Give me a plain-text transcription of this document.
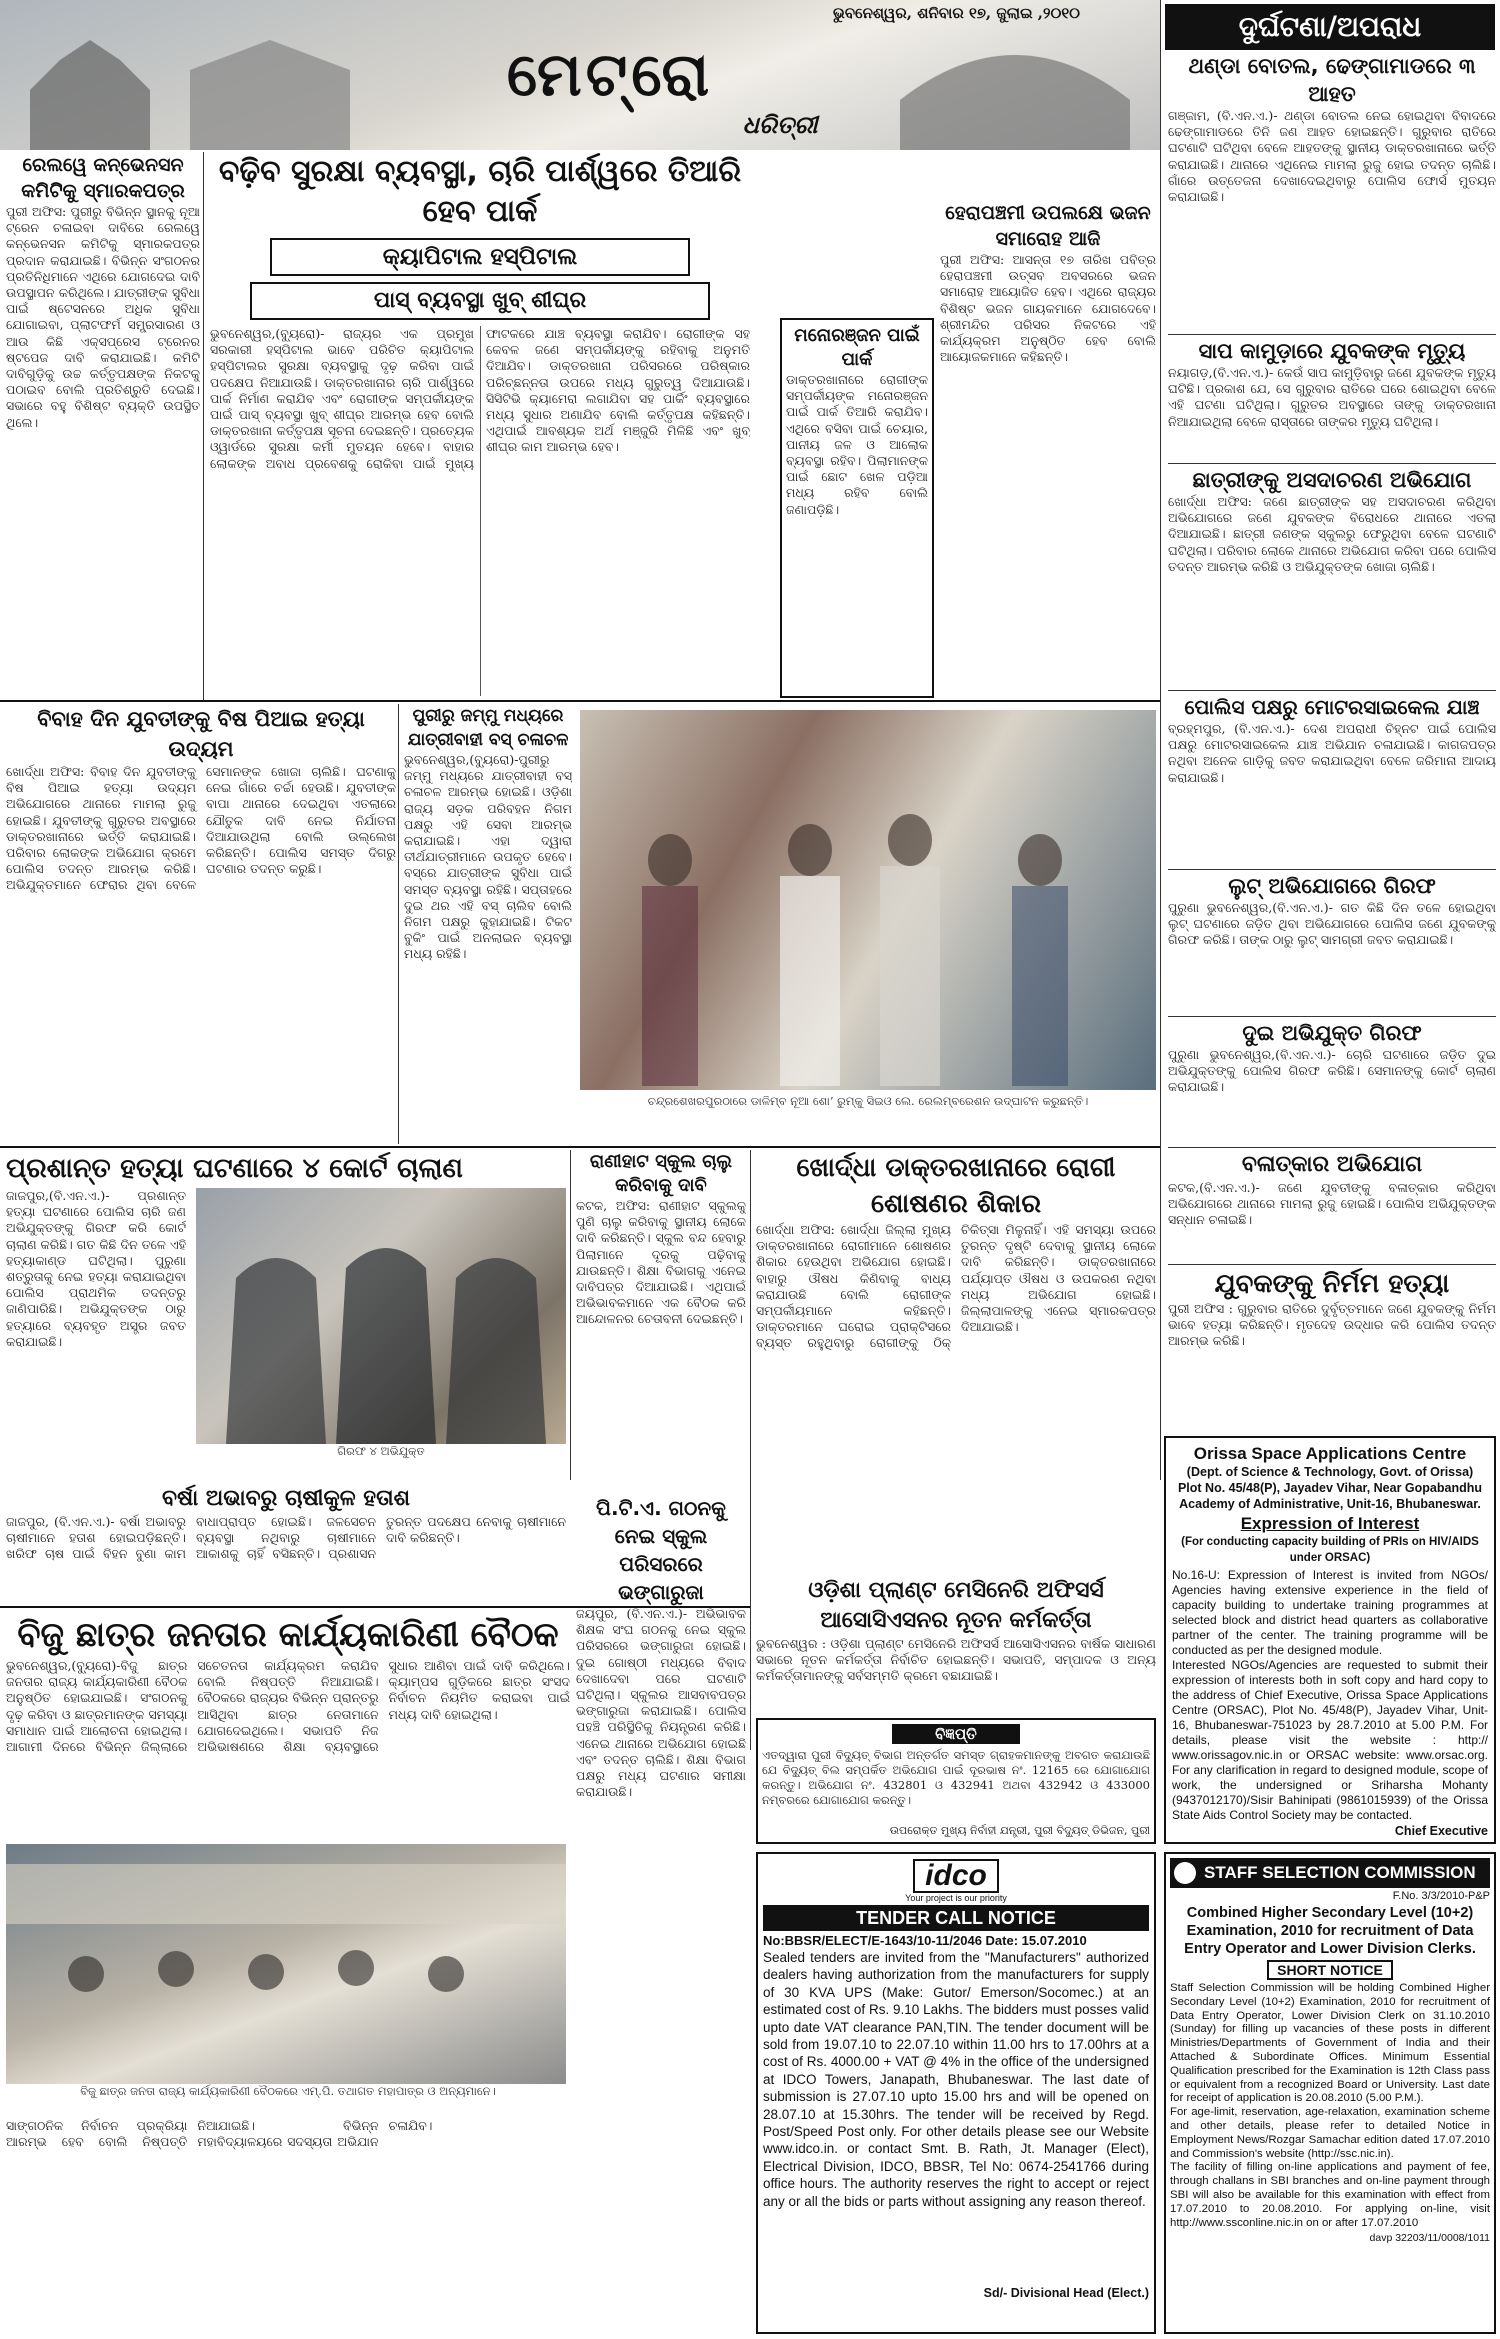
ଭୁବନେଶ୍ୱର, ଶନିବାର ୧୭, ଜୁଲାଇ ,୨୦୧୦
ମେଟ୍ରୋ
ଧରିତ୍ରୀ
ଦୁର୍ଘଟଣା/ଅପରାଧ
ଥଣ୍ଡା ବୋତଲ, ଢେଙ୍ଗାମାଡରେ ୩ ଆହତ
ଗଞ୍ଜାମ, (ବି.ଏନ.ଏ.)- ଥଣ୍ଡା ବୋତଲ ନେଇ ହୋଇଥିବା ବିବାଦରେ ଢେଙ୍ଗାମାଡରେ ତିନି ଜଣ ଆହତ ହୋଇଛନ୍ତି। ଗୁରୁବାର ରାତିରେ ଘଟଣାଟି ଘଟିଥିବା ବେଳେ ଆହତଙ୍କୁ ସ୍ଥାନୀୟ ଡାକ୍ତରଖାନାରେ ଭର୍ତ୍ତି କରାଯାଇଛି। ଥାନାରେ ଏଥିନେଇ ମାମଲା ରୁଜୁ ହୋଇ ତଦନ୍ତ ଚାଲିଛି। ଗାଁରେ ଉତ୍ତେଜନା ଦେଖାଦେଇଥିବାରୁ ପୋଲିସ ଫୋର୍ସ ମୁତୟନ କରାଯାଇଛି।
ସାପ କାମୁଡ଼ାରେ ଯୁବକଙ୍କ ମୃତ୍ୟୁ
ନୟାଗଡ଼,(ବି.ଏନ.ଏ.)- କେଉଁ ସାପ କାମୁଡ଼ିବାରୁ ଜଣେ ଯୁବକଙ୍କ ମୃତ୍ୟୁ ଘଟିଛି। ପ୍ରକାଶ ଯେ, ସେ ଗୁରୁବାର ରାତିରେ ଘରେ ଶୋଇଥିବା ବେଳେ ଏହି ଘଟଣା ଘଟିଥିଲା। ଗୁରୁତର ଅବସ୍ଥାରେ ତାଙ୍କୁ ଡାକ୍ତରଖାନା ନିଆଯାଇଥିଲା ବେଳେ ରାସ୍ତାରେ ତାଙ୍କର ମୃତ୍ୟୁ ଘଟିଥିଲା।
ଛାତ୍ରୀଙ୍କୁ ଅସଦାଚରଣ ଅଭିଯୋଗ
ଖୋର୍ଦ୍ଧା ଅଫିସ: ଜଣେ ଛାତ୍ରୀଙ୍କ ସହ ଅସଦାଚରଣ କରିଥିବା ଅଭିଯୋଗରେ ଜଣେ ଯୁବକଙ୍କ ବିରୋଧରେ ଥାନାରେ ଏତଲା ଦିଆଯାଇଛି। ଛାତ୍ରୀ ଜଣଙ୍କ ସ୍କୁଲରୁ ଫେରୁଥିବା ବେଳେ ଘଟଣାଟି ଘଟିଥିଲା। ପରିବାର ଲୋକେ ଥାନାରେ ଅଭିଯୋଗ କରିବା ପରେ ପୋଲିସ ତଦନ୍ତ ଆରମ୍ଭ କରିଛି ଓ ଅଭିଯୁକ୍ତଙ୍କ ଖୋଜା ଚାଲିଛି।
ପୋଲିସ ପକ୍ଷରୁ ମୋଟରସାଇକେଲ ଯାଞ୍ଚ
ବ୍ରହ୍ମପୁର, (ବି.ଏନ.ଏ.)- ଦେଶ ଅପରାଧୀ ଚିହ୍ନଟ ପାଇଁ ପୋଲିସ ପକ୍ଷରୁ ମୋଟରସାଇକେଲ ଯାଞ୍ଚ ଅଭିଯାନ ଚଳାଯାଇଛି। କାଗଜପତ୍ର ନଥିବା ଅନେକ ଗାଡ଼ିକୁ ଜବତ କରାଯାଇଥିବା ବେଳେ ଜରିମାନା ଆଦାୟ କରାଯାଇଛି।
ଲୁଟ୍ ଅଭିଯୋଗରେ ଗିରଫ
ପୁରୁଣା ଭୁବନେଶ୍ୱର,(ବି.ଏନ.ଏ.)- ଗତ କିଛି ଦିନ ତଳେ ହୋଇଥିବା ଲୁଟ୍ ଘଟଣାରେ ଜଡ଼ିତ ଥିବା ଅଭିଯୋଗରେ ପୋଲିସ ଜଣେ ଯୁବକଙ୍କୁ ଗିରଫ କରିଛି। ତାଙ୍କ ଠାରୁ ଲୁଟ୍ ସାମଗ୍ରୀ ଜବତ କରାଯାଇଛି।
ଦୁଇ ଅଭିଯୁକ୍ତ ଗିରଫ
ପୁରୁଣା ଭୁବନେଶ୍ୱର,(ବି.ଏନ.ଏ.)- ଚୋରି ଘଟଣାରେ ଜଡ଼ିତ ଦୁଇ ଅଭିଯୁକ୍ତଙ୍କୁ ପୋଲିସ ଗିରଫ କରିଛି। ସେମାନଙ୍କୁ କୋର୍ଟ ଚାଲାଣ କରାଯାଇଛି।
ବଳାତ୍କାର ଅଭିଯୋଗ
କଟକ,(ବି.ଏନ.ଏ.)- ଜଣେ ଯୁବତୀଙ୍କୁ ବଳାତ୍କାର କରିଥିବା ଅଭିଯୋଗରେ ଥାନାରେ ମାମଲା ରୁଜୁ ହୋଇଛି। ପୋଲିସ ଅଭିଯୁକ୍ତଙ୍କ ସନ୍ଧାନ ଚଳାଇଛି।
ଯୁବକଙ୍କୁ ନିର୍ମମ ହତ୍ୟା
ପୁରୀ ଅଫିସ : ଗୁରୁବାର ରାତିରେ ଦୁର୍ବୃତ୍ତମାନେ ଜଣେ ଯୁବକଙ୍କୁ ନିର୍ମମ ଭାବେ ହତ୍ୟା କରିଛନ୍ତି। ମୃତଦେହ ଉଦ୍ଧାର କରି ପୋଲିସ ତଦନ୍ତ ଆରମ୍ଭ କରିଛି।
ରେଲୱେ କନ୍‌ଭେନସନ କମିଟିକୁ ସ୍ମାରକପତ୍ର
ପୁରୀ ଅଫିସ: ପୁରୀରୁ ବିଭିନ୍ନ ସ୍ଥାନକୁ ନୂଆ ଟ୍ରେନ ଚଳାଇବା ଦାବିରେ ରେଲୱେ କନ୍‌ଭେନସନ କମିଟିକୁ ସ୍ମାରକପତ୍ର ପ୍ରଦାନ କରାଯାଇଛି। ବିଭିନ୍ନ ସଂଗଠନର ପ୍ରତିନିଧିମାନେ ଏଥିରେ ଯୋଗଦେଇ ଦାବି ଉପସ୍ଥାପନ କରିଥିଲେ। ଯାତ୍ରୀଙ୍କ ସୁବିଧା ପାଇଁ ଷ୍ଟେସନରେ ଅଧିକ ସୁବିଧା ଯୋଗାଇବା, ପ୍ଲାଟଫର୍ମ ସମ୍ପ୍ରସାରଣ ଓ ଆଉ କିଛି ଏକ୍ସପ୍ରେସ ଟ୍ରେନର ଷ୍ଟପେଜ ଦାବି କରାଯାଇଛି। କମିଟି ଦାବିଗୁଡ଼ିକୁ ଉଚ୍ଚ କର୍ତ୍ତୃପକ୍ଷଙ୍କ ନିକଟକୁ ପଠାଇବ ବୋଲି ପ୍ରତିଶ୍ରୁତି ଦେଇଛି। ସଭାରେ ବହୁ ବିଶିଷ୍ଟ ବ୍ୟକ୍ତି ଉପସ୍ଥିତ ଥିଲେ।
ବଢ଼ିବ ସୁରକ୍ଷା ବ୍ୟବସ୍ଥା, ଚାରି ପାର୍ଶ୍ୱରେ ତିଆରି ହେବ ପାର୍କ
କ୍ୟାପିଟାଲ ହସ୍ପିଟାଲ
ପାସ୍ ବ୍ୟବସ୍ଥା ଖୁବ୍ ଶୀଘ୍ର
ଭୁବନେଶ୍ୱର,(ବ୍ୟୁରୋ)- ରାଜ୍ୟର ଏକ ପ୍ରମୁଖ ସରକାରୀ ହସ୍ପିଟାଲ ଭାବେ ପରିଚିତ କ୍ୟାପିଟାଲ ହସ୍ପିଟାଲର ସୁରକ୍ଷା ବ୍ୟବସ୍ଥାକୁ ଦୃଢ଼ କରିବା ପାଇଁ ପଦକ୍ଷେପ ନିଆଯାଉଛି। ଡାକ୍ତରଖାନାର ଚାରି ପାର୍ଶ୍ୱରେ ପାର୍କ ନିର୍ମାଣ କରାଯିବ ଏବଂ ରୋଗୀଙ୍କ ସମ୍ପର୍କୀୟଙ୍କ ପାଇଁ ପାସ୍ ବ୍ୟବସ୍ଥା ଖୁବ୍ ଶୀଘ୍ର ଆରମ୍ଭ ହେବ ବୋଲି ଡାକ୍ତରଖାନା କର୍ତ୍ତୃପକ୍ଷ ସୂଚନା ଦେଇଛନ୍ତି। ପ୍ରତ୍ୟେକ ଓ୍ୱାର୍ଡରେ ସୁରକ୍ଷା କର୍ମୀ ମୁତୟନ ହେବେ। ବାହାର ଲୋକଙ୍କ ଅବାଧ ପ୍ରବେଶକୁ ରୋକିବା ପାଇଁ ମୁଖ୍ୟ ଫାଟକରେ ଯାଞ୍ଚ ବ୍ୟବସ୍ଥା କରାଯିବ। ରୋଗୀଙ୍କ ସହ କେବଳ ଜଣେ ସମ୍ପର୍କୀୟଙ୍କୁ ରହିବାକୁ ଅନୁମତି ଦିଆଯିବ। ଡାକ୍ତରଖାନା ପରିସରରେ ପରିଷ୍କାର ପରିଚ୍ଛନ୍ନତା ଉପରେ ମଧ୍ୟ ଗୁରୁତ୍ୱ ଦିଆଯାଉଛି। ସିସିଟିଭି କ୍ୟାମେରା ଲଗାଯିବା ସହ ପାର୍କିଂ ବ୍ୟବସ୍ଥାରେ ମଧ୍ୟ ସୁଧାର ଅଣାଯିବ ବୋଲି କର୍ତ୍ତୃପକ୍ଷ କହିଛନ୍ତି। ଏଥିପାଇଁ ଆବଶ୍ୟକ ଅର୍ଥ ମଞ୍ଜୁରି ମିଳିଛି ଏବଂ ଖୁବ୍ ଶୀଘ୍ର କାମ ଆରମ୍ଭ ହେବ।
ମନୋରଞ୍ଜନ ପାଇଁ ପାର୍କ
ଡାକ୍ତରଖାନାରେ ରୋଗୀଙ୍କ ସମ୍ପର୍କୀୟଙ୍କ ମନୋରଞ୍ଜନ ପାଇଁ ପାର୍କ ତିଆରି କରାଯିବ। ଏଥିରେ ବସିବା ପାଇଁ ଚେୟାର, ପାନୀୟ ଜଳ ଓ ଆଲୋକ ବ୍ୟବସ୍ଥା ରହିବ। ପିଲାମାନଙ୍କ ପାଇଁ ଛୋଟ ଖେଳ ପଡ଼ିଆ ମଧ୍ୟ ରହିବ ବୋଲି ଜଣାପଡ଼ିଛି।
ହେରାପଞ୍ଚମୀ ଉପଲକ୍ଷେ ଭଜନ ସମାରୋହ ଆଜି
ପୁରୀ ଅଫିସ: ଆସନ୍ତା ୧୭ ତାରିଖ ପବିତ୍ର ହେରାପଞ୍ଚମୀ ଉତ୍ସବ ଅବସରରେ ଭଜନ ସମାରୋହ ଆୟୋଜିତ ହେବ। ଏଥିରେ ରାଜ୍ୟର ବିଶିଷ୍ଟ ଭଜନ ଗାୟକମାନେ ଯୋଗଦେବେ। ଶ୍ରୀମନ୍ଦିର ପରିସର ନିକଟରେ ଏହି କାର୍ଯ୍ୟକ୍ରମ ଅନୁଷ୍ଠିତ ହେବ ବୋଲି ଆୟୋଜକମାନେ କହିଛନ୍ତି।
ବିବାହ ଦିନ ଯୁବତୀଙ୍କୁ ବିଷ ପିଆଇ ହତ୍ୟା ଉଦ୍ୟମ
ଖୋର୍ଦ୍ଧା ଅଫିସ: ବିବାହ ଦିନ ଯୁବତୀଙ୍କୁ ବିଷ ପିଆଇ ହତ୍ୟା ଉଦ୍ୟମ ଅଭିଯୋଗରେ ଥାନାରେ ମାମଲା ରୁଜୁ ହୋଇଛି। ଯୁବତୀଙ୍କୁ ଗୁରୁତର ଅବସ୍ଥାରେ ଡାକ୍ତରଖାନାରେ ଭର୍ତ୍ତି କରାଯାଇଛି। ପରିବାର ଲୋକଙ୍କ ଅଭିଯୋଗ କ୍ରମେ ପୋଲିସ ତଦନ୍ତ ଆରମ୍ଭ କରିଛି। ଅଭିଯୁକ୍ତମାନେ ଫେରାର ଥିବା ବେଳେ ସେମାନଙ୍କ ଖୋଜା ଚାଲିଛି। ଘଟଣାକୁ ନେଇ ଗାଁରେ ଚର୍ଚ୍ଚା ହେଉଛି। ଯୁବତୀଙ୍କ ବାପା ଥାନାରେ ଦେଇଥିବା ଏତଲାରେ ଯୌତୁକ ଦାବି ନେଇ ନିର୍ଯାତନା ଦିଆଯାଉଥିଲା ବୋଲି ଉଲ୍ଲେଖ କରିଛନ୍ତି। ପୋଲିସ ସମସ୍ତ ଦିଗରୁ ଘଟଣାର ତଦନ୍ତ କରୁଛି।
ପୁରୀରୁ ଜମ୍ମୁ ମଧ୍ୟରେ ଯାତ୍ରୀବାହୀ ବସ୍ ଚଳାଚଳ
ଭୁବନେଶ୍ୱର,(ବ୍ୟୁରୋ)-ପୁରୀରୁ ଜମ୍ମୁ ମଧ୍ୟରେ ଯାତ୍ରୀବାହୀ ବସ୍ ଚଳାଚଳ ଆରମ୍ଭ ହୋଇଛି। ଓଡ଼ିଶା ରାଜ୍ୟ ସଡ଼କ ପରିବହନ ନିଗମ ପକ୍ଷରୁ ଏହି ସେବା ଆରମ୍ଭ କରାଯାଇଛି। ଏହା ଦ୍ୱାରା ତୀର୍ଥଯାତ୍ରୀମାନେ ଉପକୃତ ହେବେ। ବସ୍‌ରେ ଯାତ୍ରୀଙ୍କ ସୁବିଧା ପାଇଁ ସମସ୍ତ ବ୍ୟବସ୍ଥା ରହିଛି। ସପ୍ତାହରେ ଦୁଇ ଥର ଏହି ବସ୍ ଚାଲିବ ବୋଲି ନିଗମ ପକ୍ଷରୁ କୁହାଯାଇଛି। ଟିକଟ ବୁକିଂ ପାଇଁ ଅନଲାଇନ ବ୍ୟବସ୍ଥା ମଧ୍ୟ ରହିଛି।
ଚନ୍ଦ୍ରଶେଖରପୁରଠାରେ ଡାଳିମ୍ବ ନୂଆ ଶୋ’ ରୁମ୍‌କୁ ସିଇଓ ଲେ. ରେଲମ୍ବରେଶନ ଉଦ୍‌ଘାଟନ କରୁଛନ୍ତି।
ପ୍ରଶାନ୍ତ ହତ୍ୟା ଘଟଣାରେ ୪ କୋର୍ଟ ଚାଲାଣ
ଜାଜପୁର,(ବି.ଏନ.ଏ.)- ପ୍ରଶାନ୍ତ ହତ୍ୟା ଘଟଣାରେ ପୋଲିସ ଚାରି ଜଣ ଅଭିଯୁକ୍ତଙ୍କୁ ଗିରଫ କରି କୋର୍ଟ ଚାଲାଣ କରିଛି। ଗତ କିଛି ଦିନ ତଳେ ଏହି ହତ୍ୟାକାଣ୍ଡ ଘଟିଥିଲା। ପୁରୁଣା ଶତ୍ରୁତାକୁ ନେଇ ହତ୍ୟା କରାଯାଇଥିବା ପୋଲିସ ପ୍ରାଥମିକ ତଦନ୍ତରୁ ଜାଣିପାରିଛି। ଅଭିଯୁକ୍ତଙ୍କ ଠାରୁ ହତ୍ୟାରେ ବ୍ୟବହୃତ ଅସ୍ତ୍ର ଜବତ କରାଯାଇଛି।
ଗିରଫ ୪ ଅଭିଯୁକ୍ତ
ରାଣୀହାଟ ସ୍କୁଲ ଚାଲୁ କରିବାକୁ ଦାବି
କଟକ, ଅଫିସ: ରାଣୀହାଟ ସ୍କୁଲକୁ ପୁଣି ଚାଲୁ କରିବାକୁ ସ୍ଥାନୀୟ ଲୋକେ ଦାବି କରିଛନ୍ତି। ସ୍କୁଲ ବନ୍ଦ ହେବାରୁ ପିଲାମାନେ ଦୂରକୁ ପଢ଼ିବାକୁ ଯାଉଛନ୍ତି। ଶିକ୍ଷା ବିଭାଗକୁ ଏନେଇ ଦାବିପତ୍ର ଦିଆଯାଇଛି। ଏଥିପାଇଁ ଅଭିଭାବକମାନେ ଏକ ବୈଠକ କରି ଆନ୍ଦୋଳନର ଚେତାବନୀ ଦେଇଛନ୍ତି।
ଖୋର୍ଦ୍ଧା ଡାକ୍ତରଖାନାରେ ରୋଗୀ ଶୋଷଣର ଶିକାର
ଖୋର୍ଦ୍ଧା ଅଫିସ: ଖୋର୍ଦ୍ଧା ଜିଲ୍ଲା ମୁଖ୍ୟ ଡାକ୍ତରଖାନାରେ ରୋଗୀମାନେ ଶୋଷଣର ଶିକାର ହେଉଥିବା ଅଭିଯୋଗ ହୋଇଛି। ବାହାରୁ ଔଷଧ କିଣିବାକୁ ବାଧ୍ୟ କରାଯାଉଛି ବୋଲି ରୋଗୀଙ୍କ ସମ୍ପର୍କୀୟମାନେ କହିଛନ୍ତି। ଡାକ୍ତରମାନେ ଘରୋଇ ପ୍ରାକ୍ଟିସରେ ବ୍ୟସ୍ତ ରହୁଥିବାରୁ ରୋଗୀଙ୍କୁ ଠିକ୍ ଚିକିତ୍ସା ମିଳୁନାହିଁ। ଏହି ସମସ୍ୟା ଉପରେ ତୁରନ୍ତ ଦୃଷ୍ଟି ଦେବାକୁ ସ୍ଥାନୀୟ ଲୋକେ ଦାବି କରିଛନ୍ତି। ଡାକ୍ତରଖାନାରେ ପର୍ଯ୍ୟାପ୍ତ ଔଷଧ ଓ ଉପକରଣ ନଥିବା ମଧ୍ୟ ଅଭିଯୋଗ ହୋଇଛି। ଜିଲ୍ଲାପାଳଙ୍କୁ ଏନେଇ ସ୍ମାରକପତ୍ର ଦିଆଯାଇଛି।
ବର୍ଷା ଅଭାବରୁ ଚାଷୀକୁଳ ହତାଶ
ଜାଜପୁର, (ବି.ଏନ.ଏ.)- ବର୍ଷା ଅଭାବରୁ ଚାଷୀମାନେ ହତାଶ ହୋଇପଡ଼ିଛନ୍ତି। ଖରିଫ ଚାଷ ପାଇଁ ବିହନ ବୁଣା କାମ ବାଧାପ୍ରାପ୍ତ ହୋଇଛି। ଜଳସେଚନ ବ୍ୟବସ୍ଥା ନଥିବାରୁ ଚାଷୀମାନେ ଆକାଶକୁ ଚାହିଁ ବସିଛନ୍ତି। ପ୍ରଶାସନ ତୁରନ୍ତ ପଦକ୍ଷେପ ନେବାକୁ ଚାଷୀମାନେ ଦାବି କରିଛନ୍ତି।
ପି.ଟି.ଏ. ଗଠନକୁ ନେଇ ସ୍କୁଲ ପରିସରରେ ଭଙ୍ଗାରୁଜା
ଜୟପୁର, (ବି.ଏନ.ଏ.)- ଅଭିଭାବକ ଶିକ୍ଷକ ସଂଘ ଗଠନକୁ ନେଇ ସ୍କୁଲ ପରିସରରେ ଭଙ୍ଗାରୁଜା ହୋଇଛି। ଦୁଇ ଗୋଷ୍ଠୀ ମଧ୍ୟରେ ବିବାଦ ଦେଖାଦେବା ପରେ ଘଟଣାଟି ଘଟିଥିଲା। ସ୍କୁଲର ଆସବାବପତ୍ର ଭଙ୍ଗାରୁଜା କରାଯାଇଛି। ପୋଲିସ ପହଞ୍ଚି ପରିସ୍ଥିତିକୁ ନିୟନ୍ତ୍ରଣ କରିଛି। ଏନେଇ ଥାନାରେ ଅଭିଯୋଗ ହୋଇଛି ଏବଂ ତଦନ୍ତ ଚାଲିଛି। ଶିକ୍ଷା ବିଭାଗ ପକ୍ଷରୁ ମଧ୍ୟ ଘଟଣାର ସମୀକ୍ଷା କରାଯାଉଛି।
ଓଡ଼ିଶା ପ୍ଲାଣ୍ଟ ମେସିନେରି ଅଫିସର୍ସ ଆସୋସିଏସନର ନୂତନ କର୍ମକର୍ତ୍ତା
ଭୁବନେଶ୍ୱର : ଓଡ଼ିଶା ପ୍ଲାଣ୍ଟ ମେସିନେରି ଅଫିସର୍ସ ଆସୋସିଏସନର ବାର୍ଷିକ ସାଧାରଣ ସଭାରେ ନୂତନ କର୍ମକର୍ତ୍ତା ନିର୍ବାଚିତ ହୋଇଛନ୍ତି। ସଭାପତି, ସମ୍ପାଦକ ଓ ଅନ୍ୟ କର୍ମକର୍ତ୍ତାମାନଙ୍କୁ ସର୍ବସମ୍ମତି କ୍ରମେ ବଛାଯାଇଛି।
ବିଜୁ ଛାତ୍ର ଜନତାର କାର୍ଯ୍ୟକାରିଣୀ ବୈଠକ
ଭୁବନେଶ୍ୱର,(ବ୍ୟୁରୋ)-ବିଜୁ ଛାତ୍ର ଜନତାର ରାଜ୍ୟ କାର୍ଯ୍ୟକାରିଣୀ ବୈଠକ ଅନୁଷ୍ଠିତ ହୋଇଯାଇଛି। ସଂଗଠନକୁ ଦୃଢ଼ କରିବା ଓ ଛାତ୍ରମାନଙ୍କ ସମସ୍ୟା ସମାଧାନ ପାଇଁ ଆଲୋଚନା ହୋଇଥିଲା। ଆଗାମୀ ଦିନରେ ବିଭିନ୍ନ ଜିଲ୍ଲାରେ ସଚେତନତା କାର୍ଯ୍ୟକ୍ରମ କରାଯିବ ବୋଲି ନିଷ୍ପତ୍ତି ନିଆଯାଇଛି। ବୈଠକରେ ରାଜ୍ୟର ବିଭିନ୍ନ ପ୍ରାନ୍ତରୁ ଆସିଥିବା ଛାତ୍ର ନେତାମାନେ ଯୋଗଦେଇଥିଲେ। ସଭାପତି ନିଜ ଅଭିଭାଷଣରେ ଶିକ୍ଷା ବ୍ୟବସ୍ଥାରେ ସୁଧାର ଆଣିବା ପାଇଁ ଦାବି କରିଥିଲେ। କ୍ୟାମ୍ପସ ଗୁଡ଼ିକରେ ଛାତ୍ର ସଂସଦ ନିର୍ବାଚନ ନିୟମିତ କରାଇବା ପାଇଁ ମଧ୍ୟ ଦାବି ହୋଇଥିଲା।
ବିଜୁ ଛାତ୍ର ଜନତା ରାଜ୍ୟ କାର୍ଯ୍ୟକାରିଣୀ ବୈଠକରେ ଏମ୍.ପି. ତଥାଗତ ମହାପାତ୍ର ଓ ଅନ୍ୟମାନେ।
ସାଙ୍ଗଠନିକ ନିର୍ବାଚନ ପ୍ରକ୍ରିୟା ଆରମ୍ଭ ହେବ ବୋଲି ନିଷ୍ପତ୍ତି ନିଆଯାଇଛି। ବିଭିନ୍ନ ମହାବିଦ୍ୟାଳୟରେ ସଦସ୍ୟତା ଅଭିଯାନ ଚଳାଯିବ।
ବିଜ୍ଞପ୍ତି
ଏତଦ୍ୱାରା ପୁରୀ ବିଦ୍ୟୁତ୍ ବିଭାଗ ଅନ୍ତର୍ଗତ ସମସ୍ତ ଗ୍ରାହକମାନଙ୍କୁ ଅବଗତ କରାଯାଉଛି ଯେ ବିଦ୍ୟୁତ୍ ବିଲ ସମ୍ପର୍କିତ ଅଭିଯୋଗ ପାଇଁ ଦୂରଭାଷ ନଂ. 12165 ରେ ଯୋଗାଯୋଗ କରନ୍ତୁ। ଅଭିଯୋଗ ନଂ. 432801 ଓ 432941 ଅଥବା 432942 ଓ 433000 ନମ୍ବରରେ ଯୋଗାଯୋଗ କରନ୍ତୁ।
ଉପରୋକ୍ତ ମୁଖ୍ୟ ନିର୍ବାହୀ ଯନ୍ତ୍ରୀ, ପୁରୀ ବିଦ୍ୟୁତ୍ ଡିଭିଜନ, ପୁରୀ
idco
Your project is our priority
TENDER CALL NOTICE
No:BBSR/ELECT/E-1643/10-11/2046 Date: 15.07.2010
Sealed tenders are invited from the "Manufacturers" authorized dealers having authorization from the manufacturers for supply of 30 KVA UPS (Make: Gutor/ Emerson/Socomec.) at an estimated cost of Rs. 9.10 Lakhs. The bidders must posses valid upto date VAT clearance PAN,TIN. The tender document will be sold from 19.07.10 to 22.07.10 within 11.00 hrs to 17.00hrs at a cost of Rs. 4000.00 + VAT @ 4% in the office of the undersigned at IDCO Towers, Janapath, Bhubaneswar. The last date of submission is 27.07.10 upto 15.00 hrs and will be opened on 28.07.10 at 15.30hrs. The tender will be received by Regd. Post/Speed Post only. For other details please see our Website www.idco.in. or contact Smt. B. Rath, Jt. Manager (Elect), Electrical Division, IDCO, BBSR, Tel No: 0674-2541766 during office hours. The authority reserves the right to accept or reject any or all the bids or parts without assigning any reason thereof.
Sd/- Divisional Head (Elect.)
Orissa Space Applications Centre
(Dept. of Science & Technology, Govt. of Orissa)
Plot No. 45/48(P), Jayadev Vihar, Near Gopabandhu Academy of Administrative, Unit-16, Bhubaneswar.
Expression of Interest
(For conducting capacity building of PRIs on HIV/AIDS under ORSAC)
No.16-U: Expression of Interest is invited from NGOs/ Agencies having extensive experience in the field of capacity building to undertake training programmes at selected block and district head quarters as collaborative partner of the center. The training programme will be conducted as per the designed module.
Interested NGOs/Agencies are requested to submit their expression of interests both in soft copy and hard copy to the address of Chief Executive, Orissa Space Applications Centre (ORSAC), Plot No. 45/48(P), Jayadev Vihar, Unit-16, Bhubaneswar-751023 by 28.7.2010 at 5.00 P.M. For details, please visit the website : http:// www.orissagov.nic.in or ORSAC website: www.orsac.org. For any clarification in regard to designed module, scope of work, the undersigned or Sriharsha Mohanty (9437012170)/Sisir Bahinipati (9861015939) of the Orissa State Aids Control Society may be contacted.
Chief Executive
STAFF SELECTION COMMISSION
F.No. 3/3/2010-P&P
Combined Higher Secondary Level (10+2) Examination, 2010 for recruitment of Data Entry Operator and Lower Division Clerks.
SHORT NOTICE
Staff Selection Commission will be holding Combined Higher Secondary Level (10+2) Examination, 2010 for recruitment of Data Entry Operator, Lower Division Clerk on 31.10.2010 (Sunday) for filling up vacancies of these posts in different Ministries/Departments of Government of India and their Attached & Subordinate Offices. Minimum Essential Qualification prescribed for the Examination is 12th Class pass or equivalent from a recognized Board or University. Last date for receipt of application is 20.08.2010 (5.00 P.M.).
For age-limit, reservation, age-relaxation, examination scheme and other details, please refer to detailed Notice in Employment News/Rozgar Samachar edition dated 17.07.2010 and Commission's website (http://ssc.nic.in).
The facility of filling on-line applications and payment of fee, through challans in SBI branches and on-line payment through SBI will also be available for this examination with effect from 17.07.2010 to 20.08.2010. For applying on-line, visit http://www.ssconline.nic.in on or after 17.07.2010
davp 32203/11/0008/1011
